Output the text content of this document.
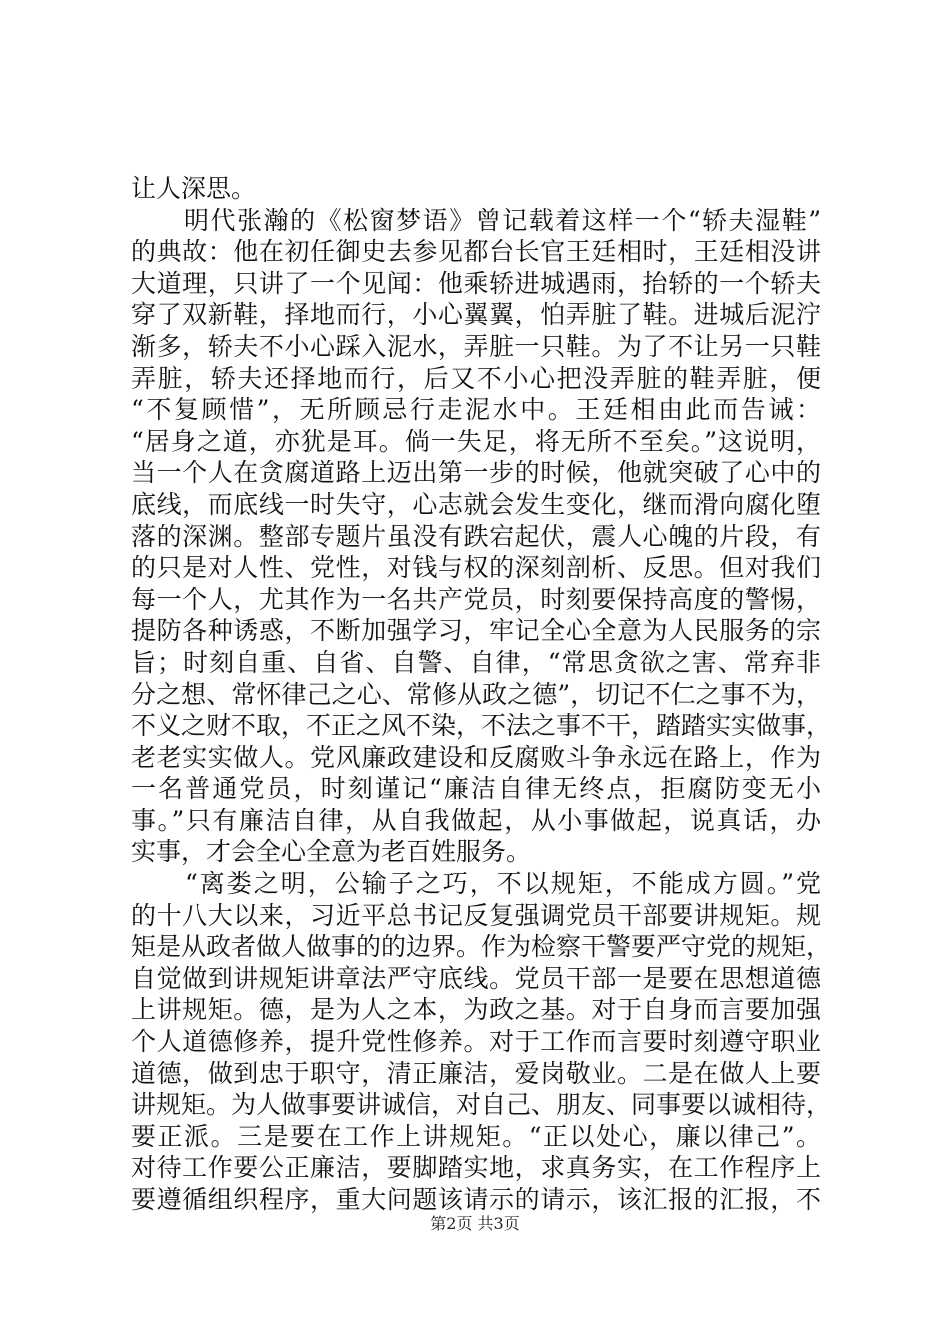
让人深思。
　　明代张瀚的《松窗梦语》曾记载着这样一个“轿夫湿鞋”
的典故：他在初任御史去参见都台长官王廷相时，王廷相没讲
大道理，只讲了一个见闻：他乘轿进城遇雨，抬轿的一个轿夫
穿了双新鞋，择地而行，小心翼翼，怕弄脏了鞋。进城后泥泞
渐多，轿夫不小心踩入泥水，弄脏一只鞋。为了不让另一只鞋
弄脏，轿夫还择地而行，后又不小心把没弄脏的鞋弄脏，便
“不复顾惜”，无所顾忌行走泥水中。王廷相由此而告诫：
“居身之道，亦犹是耳。倘一失足，将无所不至矣。”这说明，
当一个人在贪腐道路上迈出第一步的时候，他就突破了心中的
底线，而底线一时失守，心志就会发生变化，继而滑向腐化堕
落的深渊。整部专题片虽没有跌宕起伏，震人心魄的片段，有
的只是对人性、党性，对钱与权的深刻剖析、反思。但对我们
每一个人，尤其作为一名共产党员，时刻要保持高度的警惕，
提防各种诱惑，不断加强学习，牢记全心全意为人民服务的宗
旨；时刻自重、自省、自警、自律，“常思贪欲之害、常弃非
分之想、常怀律己之心、常修从政之德”，切记不仁之事不为，
不义之财不取，不正之风不染，不法之事不干，踏踏实实做事，
老老实实做人。党风廉政建设和反腐败斗争永远在路上，作为
一名普通党员，时刻谨记“廉洁自律无终点，拒腐防变无小
事。”只有廉洁自律，从自我做起，从小事做起，说真话，办
实事，才会全心全意为老百姓服务。
　　“离娄之明，公输子之巧，不以规矩，不能成方圆。”党
的十八大以来，习近平总书记反复强调党员干部要讲规矩。规
矩是从政者做人做事的的边界。作为检察干警要严守党的规矩，
自觉做到讲规矩讲章法严守底线。党员干部一是要在思想道德
上讲规矩。德，是为人之本，为政之基。对于自身而言要加强
个人道德修养，提升党性修养。对于工作而言要时刻遵守职业
道德，做到忠于职守，清正廉洁，爱岗敬业。二是在做人上要
讲规矩。为人做事要讲诚信，对自己、朋友、同事要以诚相待，
要正派。三是要在工作上讲规矩。“正以处心，廉以律己”。
对待工作要公正廉洁，要脚踏实地，求真务实，在工作程序上
要遵循组织程序，重大问题该请示的请示，该汇报的汇报，不
第2页 共3页
